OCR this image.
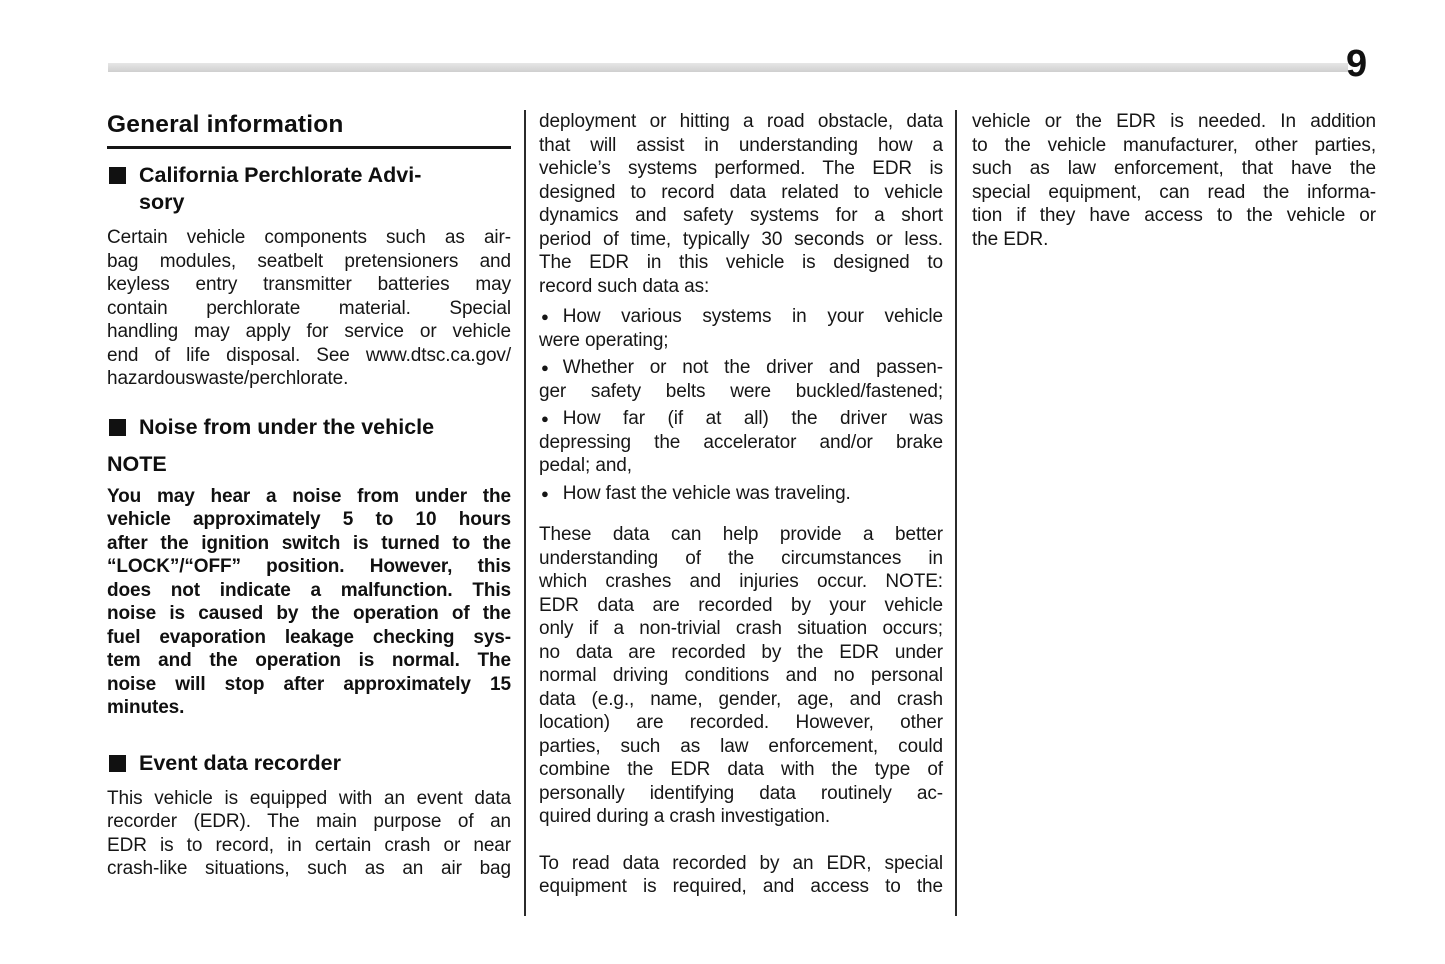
9
General information
California Perchlorate Advi-
sory
Certain vehicle components such as air-
bag modules, seatbelt pretensioners and
keyless entry transmitter batteries may
contain perchlorate material. Special
handling may apply for service or vehicle
end of life disposal. See www.dtsc.ca.gov/
hazardouswaste/perchlorate.
Noise from under the vehicle
NOTE
You may hear a noise from under the
vehicle approximately 5 to 10 hours
after the ignition switch is turned to the
“LOCK”/“OFF” position. However, this
does not indicate a malfunction. This
noise is caused by the operation of the
fuel evaporation leakage checking sys-
tem and the operation is normal. The
noise will stop after approximately 15
minutes.
Event data recorder
This vehicle is equipped with an event data
recorder (EDR). The main purpose of an
EDR is to record, in certain crash or near
crash-like situations, such as an air bag
deployment or hitting a road obstacle, data
that will assist in understanding how a
vehicle’s systems performed. The EDR is
designed to record data related to vehicle
dynamics and safety systems for a short
period of time, typically 30 seconds or less.
The EDR in this vehicle is designed to
record such data as:
● How various systems in your vehicle
were operating;
● Whether or not the driver and passen-
ger safety belts were buckled/fastened;
● How far (if at all) the driver was
depressing the accelerator and/or brake
pedal; and,
● How fast the vehicle was traveling.
These data can help provide a better
understanding of the circumstances in
which crashes and injuries occur. NOTE:
EDR data are recorded by your vehicle
only if a non-trivial crash situation occurs;
no data are recorded by the EDR under
normal driving conditions and no personal
data (e.g., name, gender, age, and crash
location) are recorded. However, other
parties, such as law enforcement, could
combine the EDR data with the type of
personally identifying data routinely ac-
quired during a crash investigation.
To read data recorded by an EDR, special
equipment is required, and access to the
vehicle or the EDR is needed. In addition
to the vehicle manufacturer, other parties,
such as law enforcement, that have the
special equipment, can read the informa-
tion if they have access to the vehicle or
the EDR.
